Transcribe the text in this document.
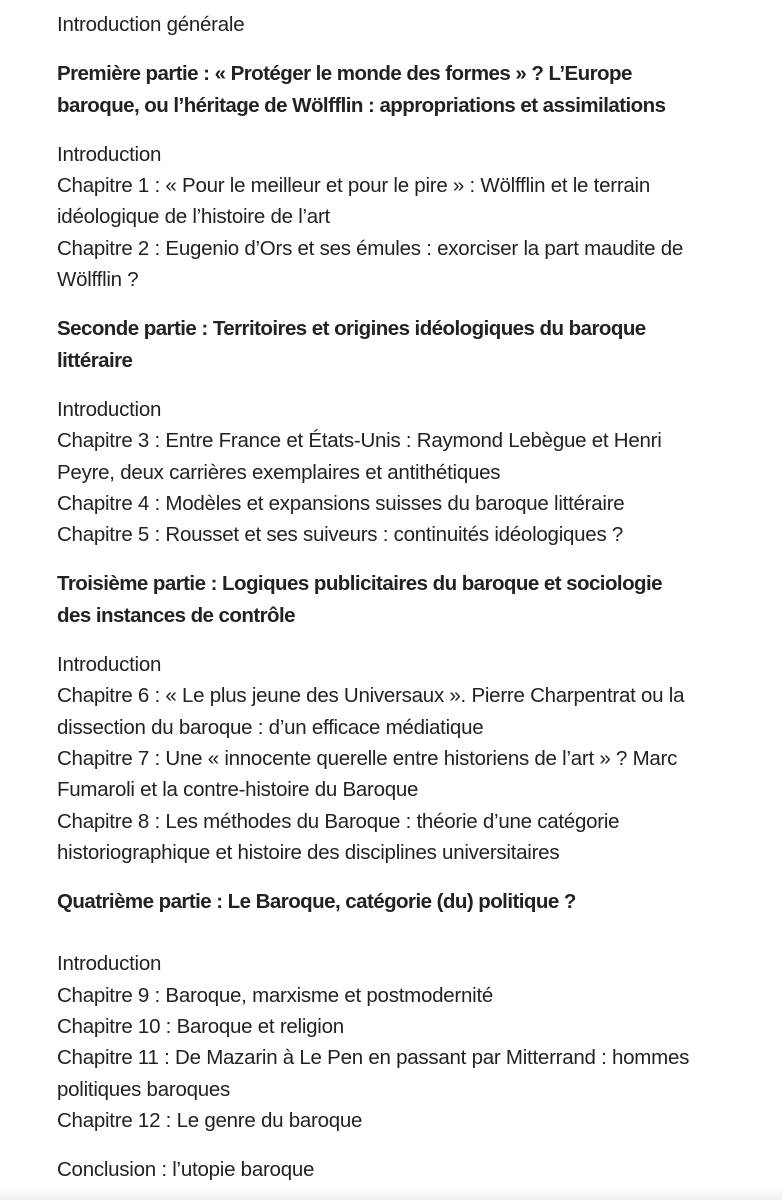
Introduction générale
Première partie : « Protéger le monde des formes » ? L’Europe
baroque, ou l’héritage de Wölfflin : appropriations et assimilations
Introduction
Chapitre 1 : « Pour le meilleur et pour le pire » : Wölfflin et le terrain
idéologique de l’histoire de l’art
Chapitre 2 : Eugenio d’Ors et ses émules : exorciser la part maudite de
Wölfflin ?
Seconde partie : Territoires et origines idéologiques du baroque
littéraire
Introduction
Chapitre 3 : Entre France et États-Unis : Raymond Lebègue et Henri
Peyre, deux carrières exemplaires et antithétiques
Chapitre 4 : Modèles et expansions suisses du baroque littéraire
Chapitre 5 : Rousset et ses suiveurs : continuités idéologiques ?
Troisième partie : Logiques publicitaires du baroque et sociologie
des instances de contrôle
Introduction
Chapitre 6 : « Le plus jeune des Universaux ». Pierre Charpentrat ou la
dissection du baroque : d’un efficace médiatique
Chapitre 7 : Une « innocente querelle entre historiens de l’art » ? Marc
Fumaroli et la contre-histoire du Baroque
Chapitre 8 : Les méthodes du Baroque : théorie d’une catégorie
historiographique et histoire des disciplines universitaires
Quatrième partie : Le Baroque, catégorie (du) politique ?
Introduction
Chapitre 9 : Baroque, marxisme et postmodernité
Chapitre 10 : Baroque et religion
Chapitre 11 : De Mazarin à Le Pen en passant par Mitterrand : hommes
politiques baroques
Chapitre 12 : Le genre du baroque
Conclusion : l’utopie baroque
